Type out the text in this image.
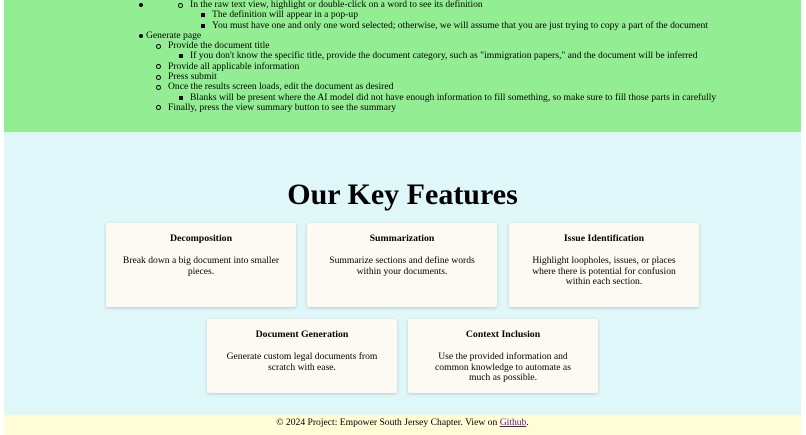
In the raw text view, highlight or double-click on a word to see its definition
The definition will appear in a pop-up
You must have one and only one word selected; otherwise, we will assume that you are just trying to copy a part of the document
Generate page
Provide the document title
If you don't know the specific title, provide the document category, such as "immigration papers," and the document will be inferred
Provide all applicable information
Press submit
Once the results screen loads, edit the document as desired
Blanks will be present where the AI model did not have enough information to fill something, so make sure to fill those parts in carefully
Finally, press the view summary button to see the summary
Our Key Features
Decomposition

Break down a big document into smaller pieces.

Summarization

Summarize sections and define words within your documents.

Issue Identification

Highlight loopholes, issues, or places where there is potential for confusion within each section.

Document Generation

Generate custom legal documents from scratch with ease.

Context Inclusion

Use the provided information and common knowledge to automate as much as possible.

© 2024 Project: Empower South Jersey Chapter. View on Github.
